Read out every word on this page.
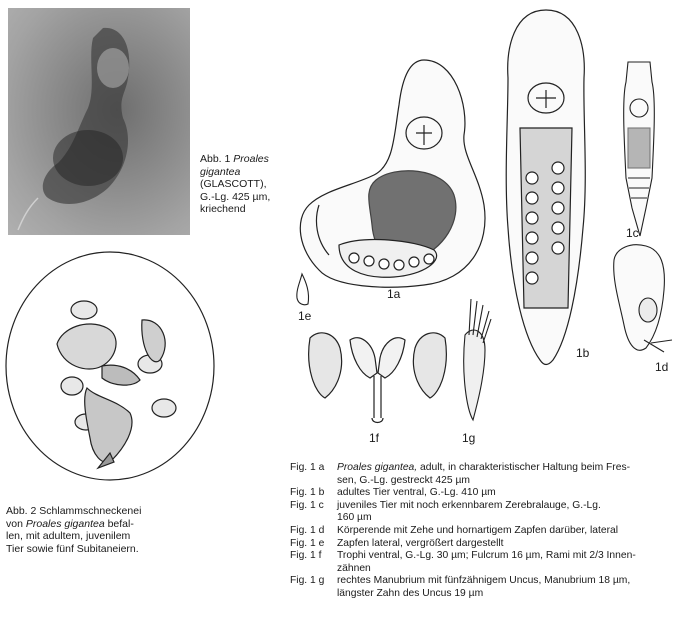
Abb. 1 Proales
gigantea
(GLASCOTT),
G.-Lg. 425 µm,
kriechend
Abb. 2 Schlammschneckenei
von Proales gigantea befal-
len, mit adultem, juvenilem
Tier sowie fünf Subitaneiern.
1a
1e
1b
1c
1d
1f	1g
Fig. 1 a	Proales gigantea, adult, in charakteristischer Haltung beim Fres-
sen, G.-Lg. gestreckt 425 µm
Fig. 1 b	adultes Tier ventral, G.-Lg. 410 µm
Fig. 1 c	juveniles Tier mit noch erkennbarem Zerebralauge, G.-Lg.
160 µm
Fig. 1 d	Körperende mit Zehe und hornartigem Zapfen darüber, lateral
Fig. 1 e	Zapfen lateral, vergrößert dargestellt
Fig. 1 f	Trophi ventral, G.-Lg. 30 µm; Fulcrum 16 µm, Rami mit 2/3 Innen-
zähnen
Fig. 1 g	rechtes Manubrium mit fünfzähnigem Uncus, Manubrium 18 µm,
längster Zahn des Uncus 19 µm
